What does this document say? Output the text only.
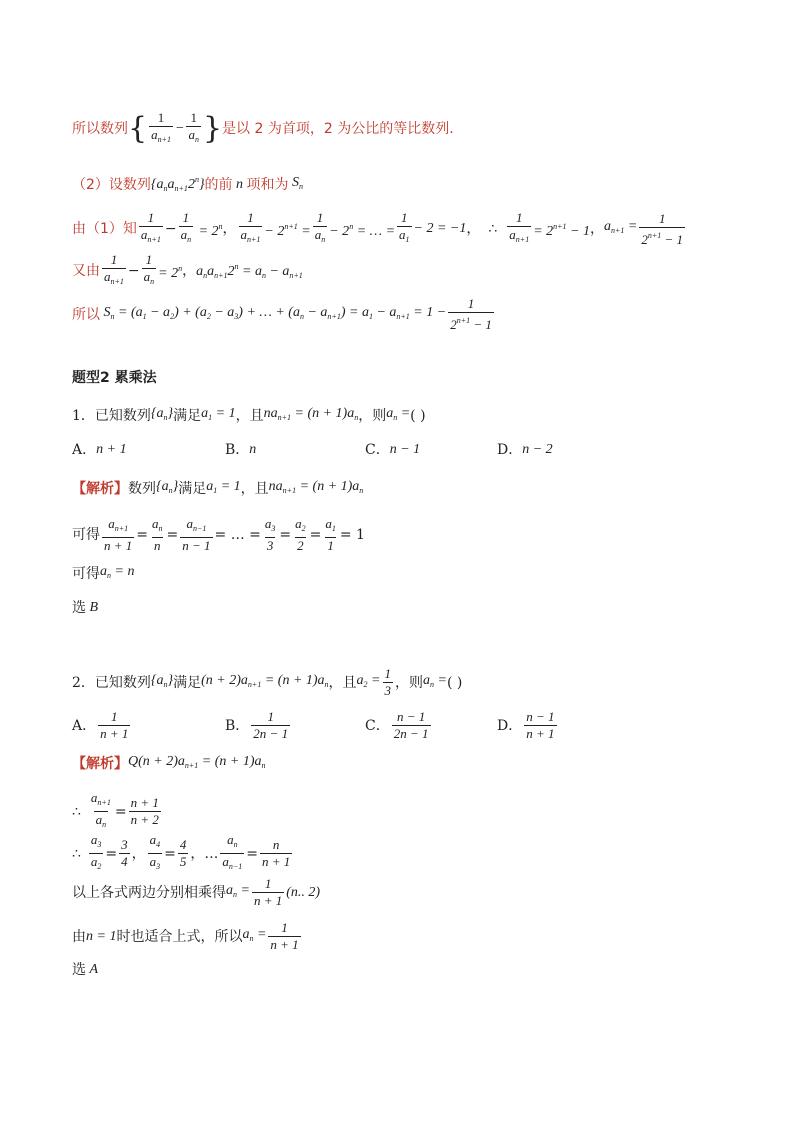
所以数列 { $\frac{1}{a_{n+1}} - \frac{1}{a_n}$ } 是以 2 为首项，2 为公比的等比数列.
（2）设数列 $\{a_na_{n+1}2^n\}$ 的前 n 项和为 $S_n$
由（1）知 $\frac{1}{a_{n+1}} - \frac{1}{a_n} = 2^n$ ， $\frac{1}{a_{n+1}} - 2^{n+1} = \frac{1}{a_n} - 2^n$ = … = $\frac{1}{a_1} - 2 = -1$ ， ∴ $\frac{1}{a_{n+1}} = 2^{n+1} - 1$ ， $a_{n+1} = \frac{1}{2^{n+1} - 1}$
又由 $\frac{1}{a_{n+1}} - \frac{1}{a_n} = 2^n$ ， $a_na_{n+1}2^n = a_n - a_{n+1}$
所以 $S_n = (a_1 - a_2) + (a_2 - a_3)$ + … + $(a_n - a_{n+1}) = a_1 - a_{n+1} = 1 - \frac{1}{2^{n+1} - 1}$
题型2 累乘法
1． 已知数列 $\{a_n\}$ 满足 $a_1 = 1$ ，且 $na_{n+1} = (n + 1)a_n$ ，则 $a_n$ = ( )
A． n + 1	B． n	C． n − 1	D． n − 2
【解析】 数列 $\{a_n\}$ 满足 $a_1 = 1$ ，且 $na_{n+1} = (n + 1)a_n$
可得 $\frac{a_{n+1}}{n + 1} = \frac{a_n}{n} = \frac{a_{n-1}}{n - 1}$ = … = $\frac{a_3}{3} = \frac{a_2}{2} = \frac{a_1}{1} = 1$
可得 $a_n = n$
选 B
2． 已知数列 $\{a_n\}$ 满足 $(n + 2)a_{n+1} = (n + 1)a_n$ ，且 $a_2 = \frac{1}{3}$ ，则 $a_n$ = ( )
A． $\frac{1}{n + 1}$	B． $\frac{1}{2n - 1}$	C． $\frac{n - 1}{2n - 1}$	D． $\frac{n - 1}{n + 1}$
【解析】 $Q(n + 2)a_{n+1} = (n + 1)a_n$
∴ $\frac{a_{n+1}}{a_n} = \frac{n + 1}{n + 2}$
∴ $\frac{a_3}{a_2} = \frac{3}{4}$ ， $\frac{a_4}{a_3} = \frac{4}{5}$ ， … $\frac{a_n}{a_{n-1}} = \frac{n}{n + 1}$
以上各式两边分别相乘得 $a_n = \frac{1}{n + 1} (n$.. 2)
由 n = 1 时也适合上式，所以 $a_n = \frac{1}{n + 1}$
选 A
